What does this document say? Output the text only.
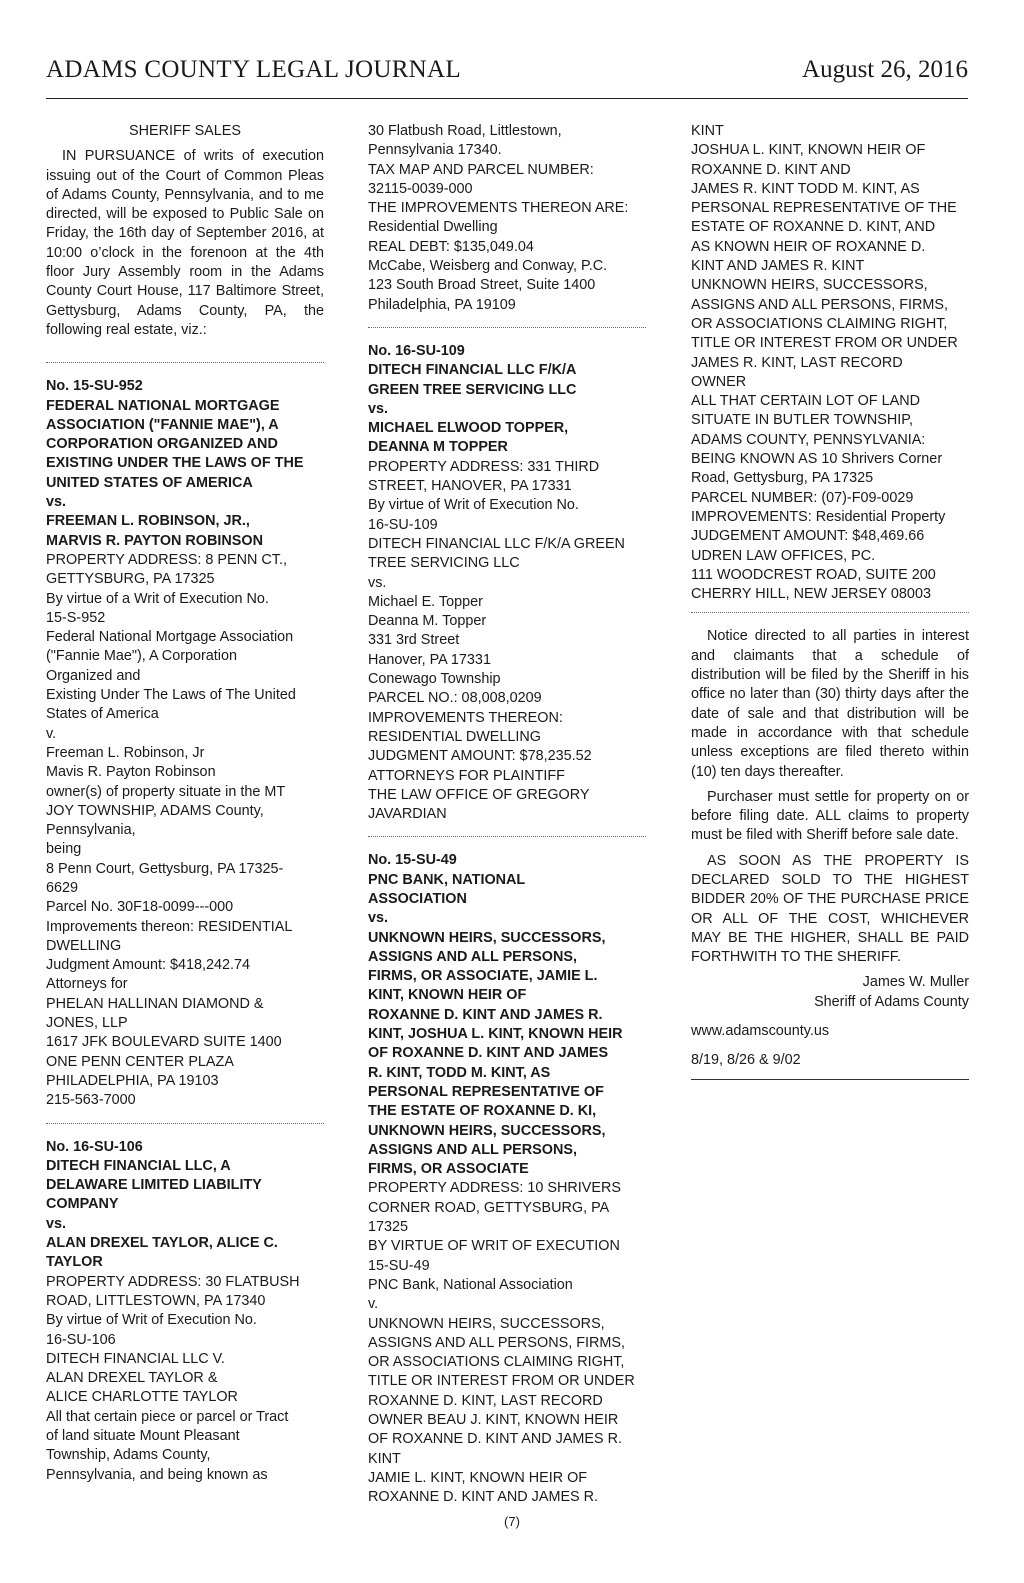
ADAMS COUNTY LEGAL JOURNAL	August 26, 2016
SHERIFF SALES
IN PURSUANCE of writs of execution issuing out of the Court of Common Pleas of Adams County, Pennsylvania, and to me directed, will be exposed to Public Sale on Friday, the 16th day of September 2016, at 10:00 o’clock in the forenoon at the 4th floor Jury Assembly room in the Adams County Court House, 117 Baltimore Street, Gettysburg, Adams County, PA, the following real estate, viz.:
No. 15-SU-952
FEDERAL NATIONAL MORTGAGE
ASSOCIATION ("FANNIE MAE"), A
CORPORATION ORGANIZED AND
EXISTING UNDER THE LAWS OF THE
UNITED STATES OF AMERICA
vs.
FREEMAN L. ROBINSON, JR.,
MARVIS R. PAYTON ROBINSON
PROPERTY ADDRESS: 8 PENN CT.,
GETTYSBURG, PA 17325
By virtue of a Writ of Execution No.
15-S-952
Federal National Mortgage Association
("Fannie Mae"), A Corporation
Organized and
Existing Under The Laws of The United
States of America
v.
Freeman L. Robinson, Jr
Mavis R. Payton Robinson
owner(s) of property situate in the MT
JOY TOWNSHIP, ADAMS County,
Pennsylvania,
being
8 Penn Court, Gettysburg, PA 17325-
6629
Parcel No. 30F18-0099---000
Improvements thereon: RESIDENTIAL
DWELLING
Judgment Amount: $418,242.74
Attorneys for
PHELAN HALLINAN DIAMOND &
JONES, LLP
1617 JFK BOULEVARD SUITE 1400
ONE PENN CENTER PLAZA
PHILADELPHIA, PA 19103
215-563-7000
No. 16-SU-106
DITECH FINANCIAL LLC, A
DELAWARE LIMITED LIABILITY
COMPANY
vs.
ALAN DREXEL TAYLOR, ALICE C.
TAYLOR
PROPERTY ADDRESS: 30 FLATBUSH
ROAD, LITTLESTOWN, PA 17340
By virtue of Writ of Execution No.
16-SU-106
DITECH FINANCIAL LLC V.
ALAN DREXEL TAYLOR &
ALICE CHARLOTTE TAYLOR
All that certain piece or parcel or Tract
of land situate Mount Pleasant
Township, Adams County,
Pennsylvania, and being known as
30 Flatbush Road, Littlestown,
Pennsylvania 17340.
TAX MAP AND PARCEL NUMBER:
32115-0039-000
THE IMPROVEMENTS THEREON ARE:
Residential Dwelling
REAL DEBT: $135,049.04
McCabe, Weisberg and Conway, P.C.
123 South Broad Street, Suite 1400
Philadelphia, PA 19109
No. 16-SU-109
DITECH FINANCIAL LLC F/K/A
GREEN TREE SERVICING LLC
vs.
MICHAEL ELWOOD TOPPER,
DEANNA M TOPPER
PROPERTY ADDRESS: 331 THIRD
STREET, HANOVER, PA 17331
By virtue of Writ of Execution No.
16-SU-109
DITECH FINANCIAL LLC F/K/A GREEN
TREE SERVICING LLC
vs.
Michael E. Topper
Deanna M. Topper
331 3rd Street
Hanover, PA 17331
Conewago Township
PARCEL NO.: 08,008,0209
IMPROVEMENTS THEREON:
RESIDENTIAL DWELLING
JUDGMENT AMOUNT: $78,235.52
ATTORNEYS FOR PLAINTIFF
THE LAW OFFICE OF GREGORY
JAVARDIAN
No. 15-SU-49
PNC BANK, NATIONAL
ASSOCIATION
vs.
UNKNOWN HEIRS, SUCCESSORS,
ASSIGNS AND ALL PERSONS,
FIRMS, OR ASSOCIATE, JAMIE L.
KINT, KNOWN HEIR OF
ROXANNE D. KINT AND JAMES R.
KINT, JOSHUA L. KINT, KNOWN HEIR
OF ROXANNE D. KINT AND JAMES
R. KINT, TODD M. KINT, AS
PERSONAL REPRESENTATIVE OF
THE ESTATE OF ROXANNE D. KI,
UNKNOWN HEIRS, SUCCESSORS,
ASSIGNS AND ALL PERSONS,
FIRMS, OR ASSOCIATE
PROPERTY ADDRESS: 10 SHRIVERS
CORNER ROAD, GETTYSBURG, PA
17325
BY VIRTUE OF WRIT OF EXECUTION
15-SU-49
PNC Bank, National Association
v.
UNKNOWN HEIRS, SUCCESSORS,
ASSIGNS AND ALL PERSONS, FIRMS,
OR ASSOCIATIONS CLAIMING RIGHT,
TITLE OR INTEREST FROM OR UNDER
ROXANNE D. KINT, LAST RECORD
OWNER BEAU J. KINT, KNOWN HEIR
OF ROXANNE D. KINT AND JAMES R.
KINT
JAMIE L. KINT, KNOWN HEIR OF
ROXANNE D. KINT AND JAMES R.
KINT
JOSHUA L. KINT, KNOWN HEIR OF
ROXANNE D. KINT AND
JAMES R. KINT TODD M. KINT, AS
PERSONAL REPRESENTATIVE OF THE
ESTATE OF ROXANNE D. KINT, AND
AS KNOWN HEIR OF ROXANNE D.
KINT AND JAMES R. KINT
UNKNOWN HEIRS, SUCCESSORS,
ASSIGNS AND ALL PERSONS, FIRMS,
OR ASSOCIATIONS CLAIMING RIGHT,
TITLE OR INTEREST FROM OR UNDER
JAMES R. KINT, LAST RECORD
OWNER
ALL THAT CERTAIN LOT OF LAND
SITUATE IN BUTLER TOWNSHIP,
ADAMS COUNTY, PENNSYLVANIA:
BEING KNOWN AS 10 Shrivers Corner
Road, Gettysburg, PA 17325
PARCEL NUMBER: (07)-F09-0029
IMPROVEMENTS: Residential Property
JUDGEMENT AMOUNT: $48,469.66
UDREN LAW OFFICES, PC.
111 WOODCREST ROAD, SUITE 200
CHERRY HILL, NEW JERSEY 08003
Notice directed to all parties in interest and claimants that a schedule of distribution will be filed by the Sheriff in his office no later than (30) thirty days after the date of sale and that distribution will be made in accordance with that schedule unless exceptions are filed thereto within (10) ten days thereafter.
Purchaser must settle for property on or before filing date. ALL claims to property must be filed with Sheriff before sale date.
AS SOON AS THE PROPERTY IS DECLARED SOLD TO THE HIGHEST BIDDER 20% OF THE PURCHASE PRICE OR ALL OF THE COST, WHICHEVER MAY BE THE HIGHER, SHALL BE PAID FORTHWITH TO THE SHERIFF.
James W. Muller
Sheriff of Adams County
www.adamscounty.us
8/19, 8/26 & 9/02
(7)
